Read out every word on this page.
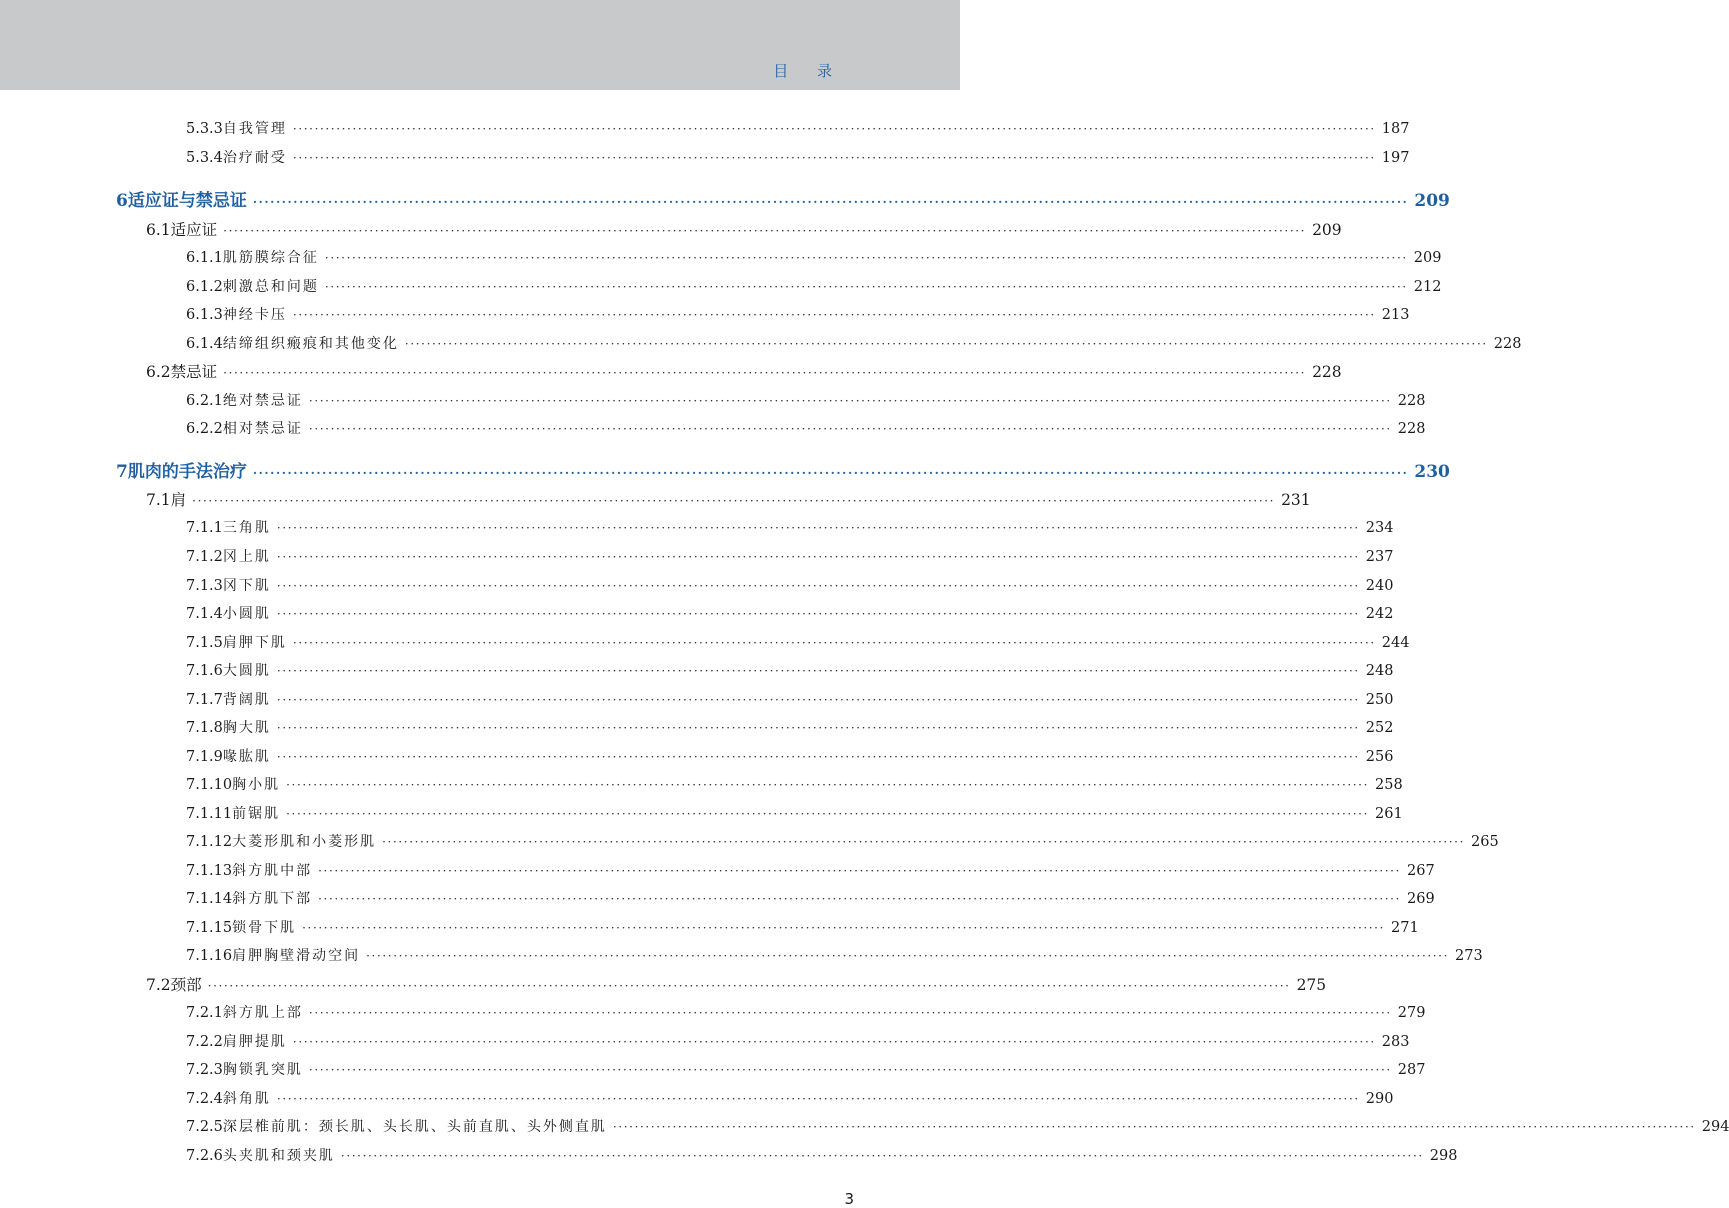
目 录
5.3.3 自我管理 ········································································································································································································ 187
5.3.4 治疗耐受 ········································································································································································································ 197
6 适应证与禁忌证 ········································································································································································································ 209
6.1 适应证 ········································································································································································································ 209
6.1.1 肌筋膜综合征 ········································································································································································································ 209
6.1.2 刺激总和问题 ········································································································································································································ 212
6.1.3 神经卡压 ········································································································································································································ 213
6.1.4 结缔组织瘢痕和其他变化 ········································································································································································································ 228
6.2 禁忌证 ········································································································································································································ 228
6.2.1 绝对禁忌证 ········································································································································································································ 228
6.2.2 相对禁忌证 ········································································································································································································ 228
7 肌肉的手法治疗 ········································································································································································································ 230
7.1 肩 ········································································································································································································ 231
7.1.1 三角肌 ········································································································································································································ 234
7.1.2 冈上肌 ········································································································································································································ 237
7.1.3 冈下肌 ········································································································································································································ 240
7.1.4 小圆肌 ········································································································································································································ 242
7.1.5 肩胛下肌 ········································································································································································································ 244
7.1.6 大圆肌 ········································································································································································································ 248
7.1.7 背阔肌 ········································································································································································································ 250
7.1.8 胸大肌 ········································································································································································································ 252
7.1.9 喙肱肌 ········································································································································································································ 256
7.1.10 胸小肌 ········································································································································································································ 258
7.1.11 前锯肌 ········································································································································································································ 261
7.1.12 大菱形肌和小菱形肌 ········································································································································································································ 265
7.1.13 斜方肌中部 ········································································································································································································ 267
7.1.14 斜方肌下部 ········································································································································································································ 269
7.1.15 锁骨下肌 ········································································································································································································ 271
7.1.16 肩胛胸壁滑动空间 ········································································································································································································ 273
7.2 颈部 ········································································································································································································ 275
7.2.1 斜方肌上部 ········································································································································································································ 279
7.2.2 肩胛提肌 ········································································································································································································ 283
7.2.3 胸锁乳突肌 ········································································································································································································ 287
7.2.4 斜角肌 ········································································································································································································ 290
7.2.5 深层椎前肌：颈长肌、头长肌、头前直肌、头外侧直肌 ········································································································································································································ 294
7.2.6 头夹肌和颈夹肌 ········································································································································································································ 298
3
